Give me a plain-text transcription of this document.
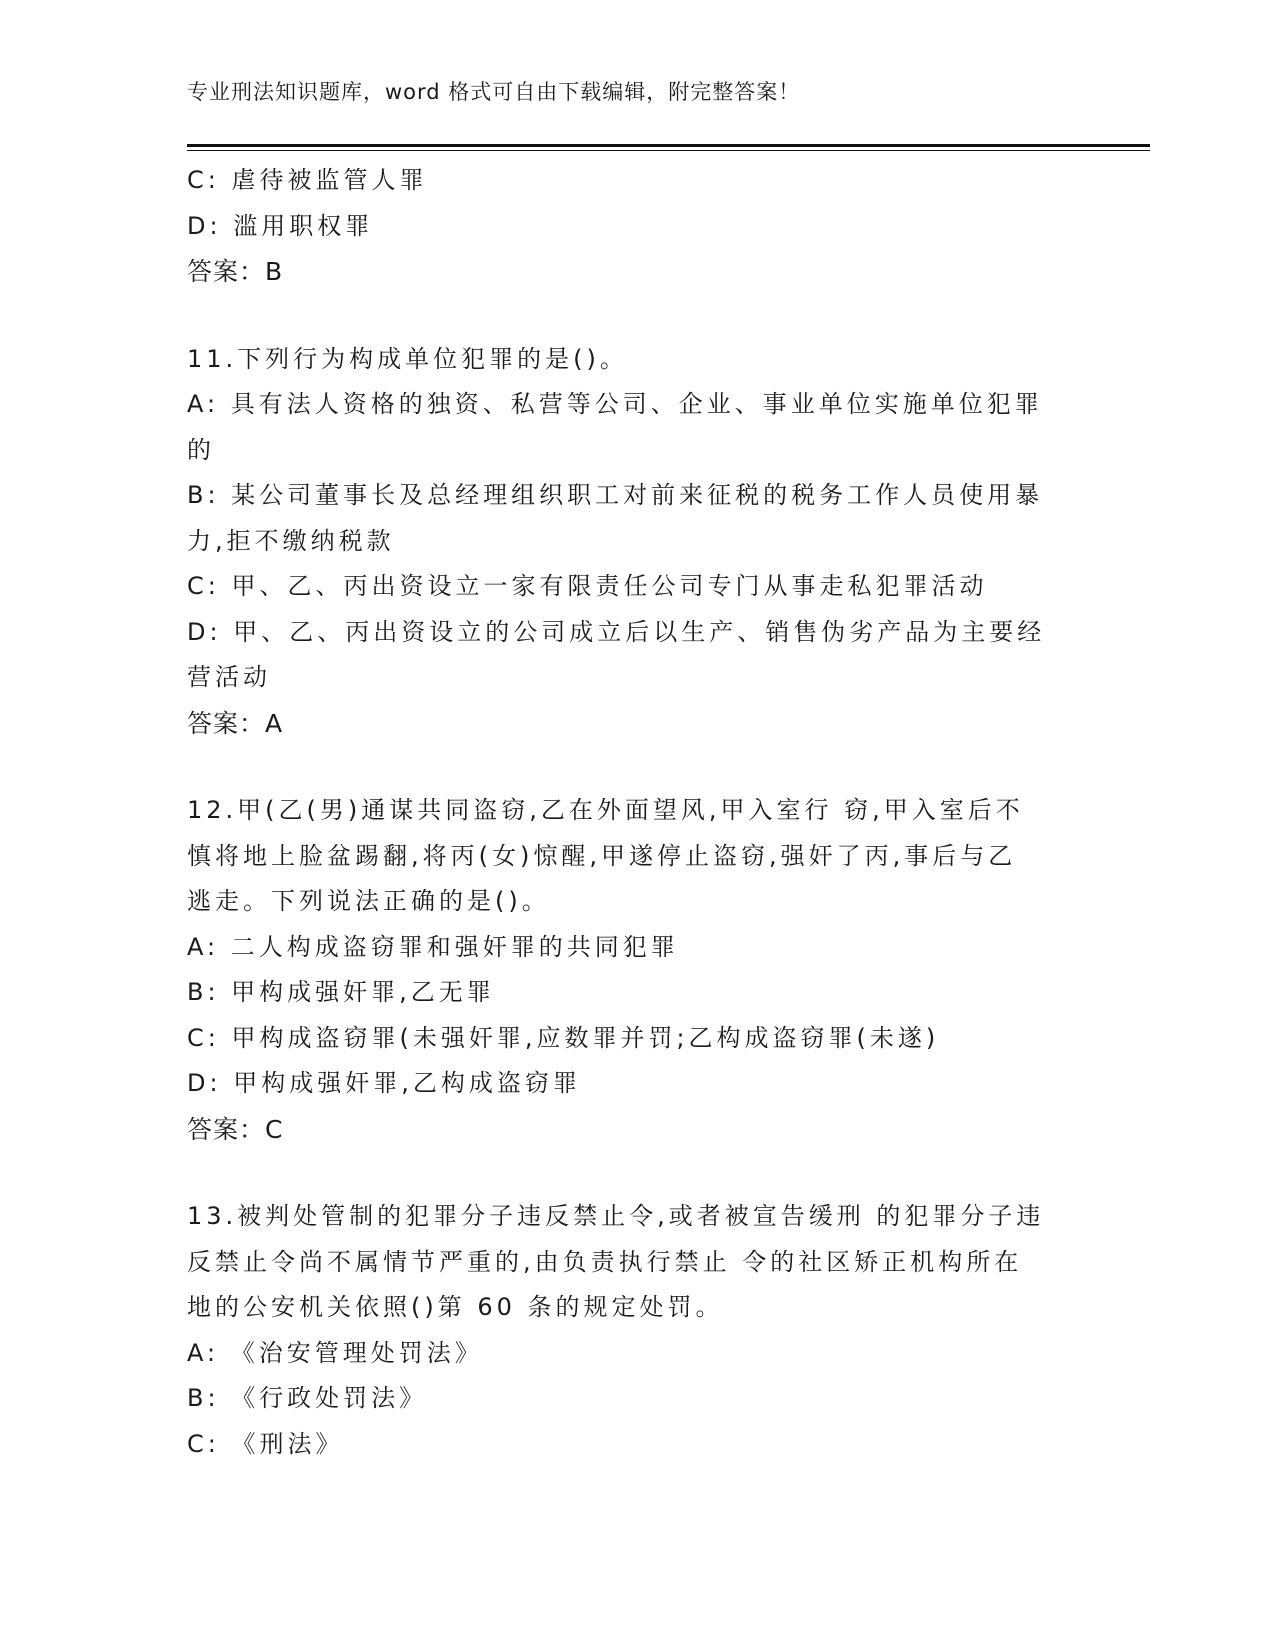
专业刑法知识题库，word 格式可自由下载编辑，附完整答案！
C: 虐待被监管人罪
D: 滥用职权罪
答案：B
11.下列行为构成单位犯罪的是()。
A: 具有法人资格的独资、私营等公司、企业、事业单位实施单位犯罪
的
B: 某公司董事长及总经理组织职工对前来征税的税务工作人员使用暴
力,拒不缴纳税款
C: 甲、乙、丙出资设立一家有限责任公司专门从事走私犯罪活动
D: 甲、乙、丙出资设立的公司成立后以生产、销售伪劣产品为主要经
营活动
答案：A
12.甲(乙(男)通谋共同盗窃,乙在外面望风,甲入室行 窃,甲入室后不
慎将地上脸盆踢翻,将丙(女)惊醒,甲遂停止盗窃,强奸了丙,事后与乙
逃走。下列说法正确的是()。
A: 二人构成盗窃罪和强奸罪的共同犯罪
B: 甲构成强奸罪,乙无罪
C: 甲构成盗窃罪(未强奸罪,应数罪并罚;乙构成盗窃罪(未遂)
D: 甲构成强奸罪,乙构成盗窃罪
答案：C
13.被判处管制的犯罪分子违反禁止令,或者被宣告缓刑 的犯罪分子违
反禁止令尚不属情节严重的,由负责执行禁止 令的社区矫正机构所在
地的公安机关依照()第 60 条的规定处罚。
A: 《治安管理处罚法》
B: 《行政处罚法》
C: 《刑法》
